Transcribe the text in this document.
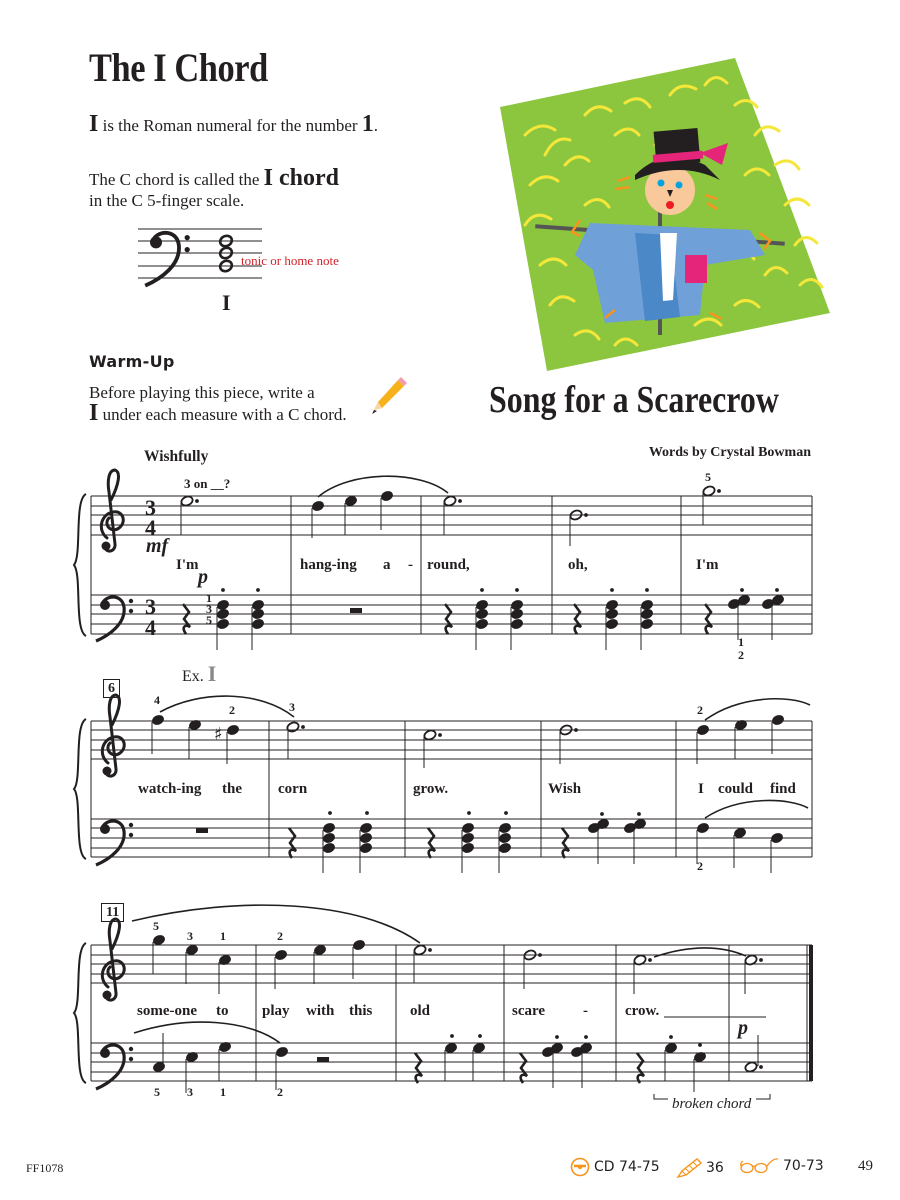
The I Chord
I is the Roman numeral for the number 1.
The C chord is called the I chord
in the C 5-finger scale.
tonic or home note
I
Warm-Up
Before playing this piece, write a
I under each measure with a C chord.	Song for a Scarecrow
Words by Crystal Bowman
Wishfully
3
4
3
4
♯
3 on __?
mf
p
1
3
5
5
1
2
I'm	hang-ing a - round,	oh,	I'm
Ex. I
6
4
2	3	2
2
watch-ing the corn	grow.	Wish	I could find
11
5
3 1	2
5 3 1	2
some-one to play with this	old	scare	- crow.
p
broken chord
FF1078	CD 74-75	36	70-73 49
